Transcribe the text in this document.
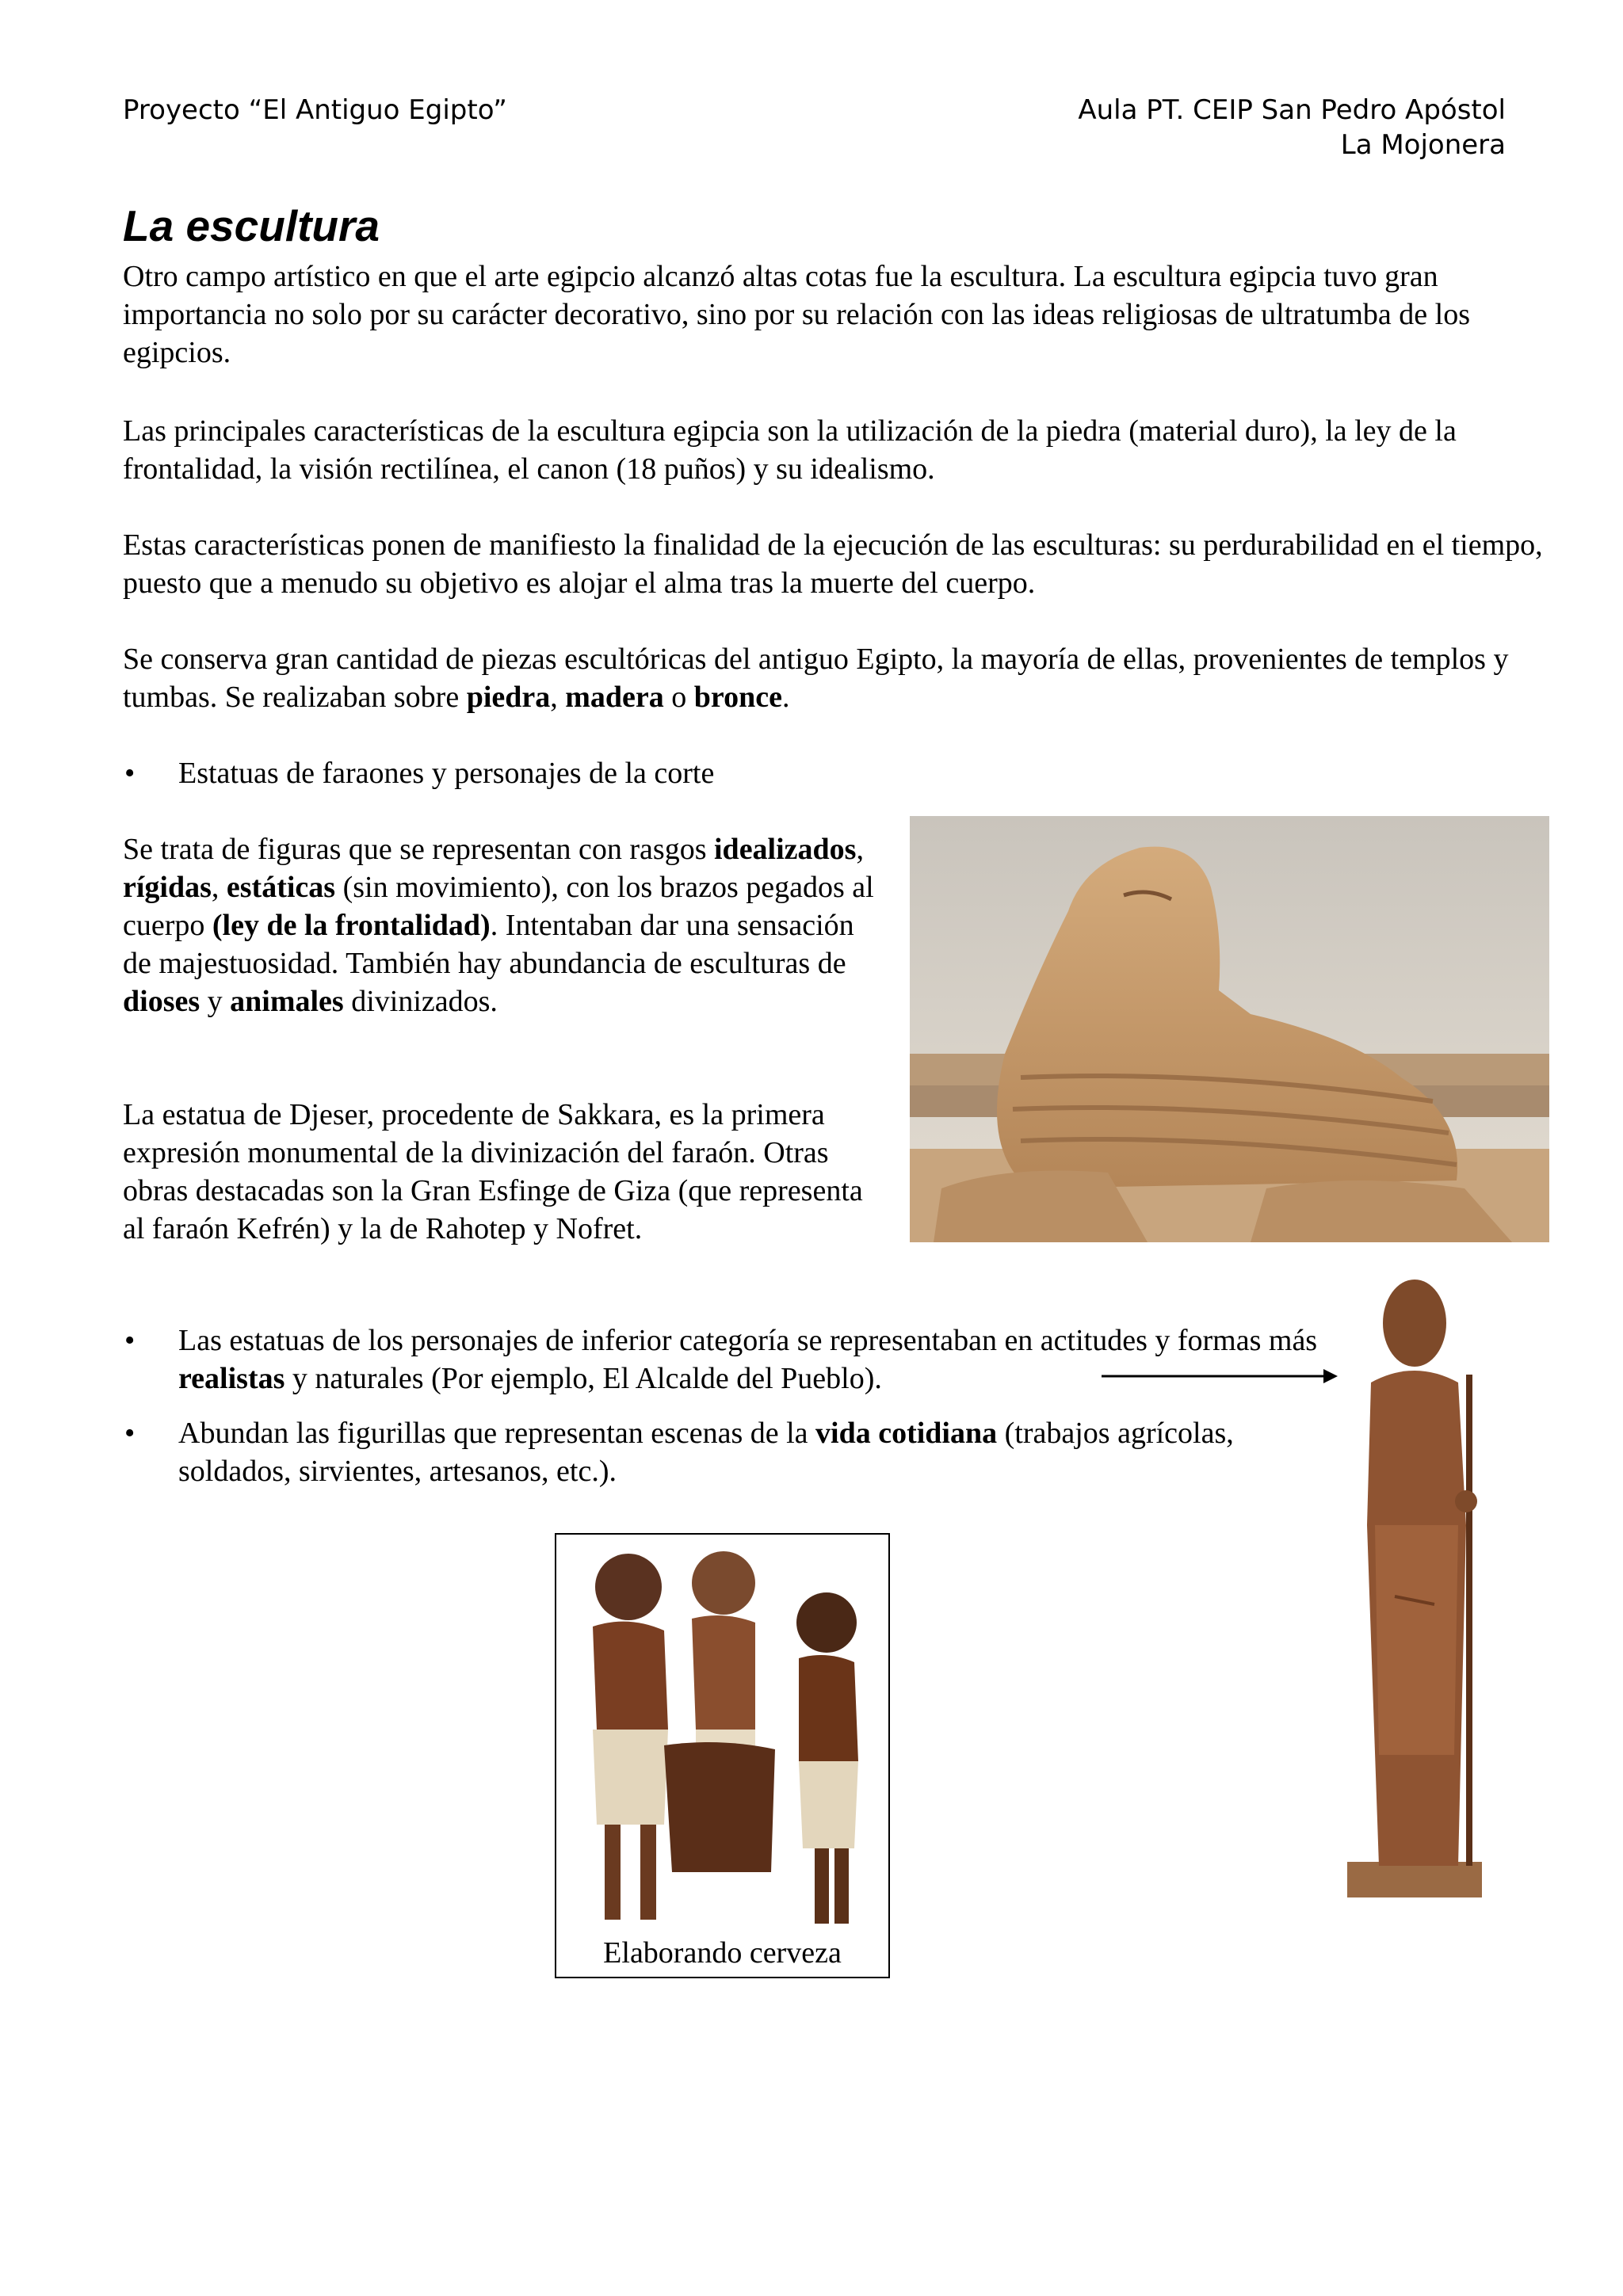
Proyecto “El Antiguo Egipto”	Aula PT. CEIP San Pedro Apóstol
La Mojonera
La escultura

Otro campo artístico en que el arte egipcio alcanzó altas cotas fue la escultura. La escultura egipcia tuvo gran importancia no solo por su carácter decorativo, sino por su relación con las ideas religiosas de ultratumba de los egipcios.

Las principales características de la escultura egipcia son la utilización de la piedra (material duro), la ley de la frontalidad, la visión rectilínea, el canon (18 puños) y su idealismo.

Estas características ponen de manifiesto la finalidad de la ejecución de las esculturas: su perdurabilidad en el tiempo, puesto que a menudo su objetivo es alojar el alma tras la muerte del cuerpo.

Se conserva gran cantidad de piezas escultóricas del antiguo Egipto, la mayoría de ellas, provenientes de templos y tumbas. Se realizaban sobre piedra, madera o bronce.

• Estatuas de faraones y personajes de la corte

Se trata de figuras que se representan con rasgos idealizados, rígidas, estáticas (sin movimiento), con los brazos pegados al cuerpo (ley de la frontalidad). Intentaban dar una sensación de majestuosidad. También hay abundancia de esculturas de dioses y animales divinizados.

La estatua de Djeser, procedente de Sakkara, es la primera expresión monumental de la divinización del faraón. Otras obras destacadas son la Gran Esfinge de Giza (que representa al faraón Kefrén) y la de Rahotep y Nofret.

• Las estatuas de los personajes de inferior categoría se representaban en actitudes y formas más realistas y naturales (Por ejemplo, El Alcalde del Pueblo).

• Abundan las figurillas que representan escenas de la vida cotidiana (trabajos agrícolas, soldados, sirvientes, artesanos, etc.).

Elaborando cerveza
